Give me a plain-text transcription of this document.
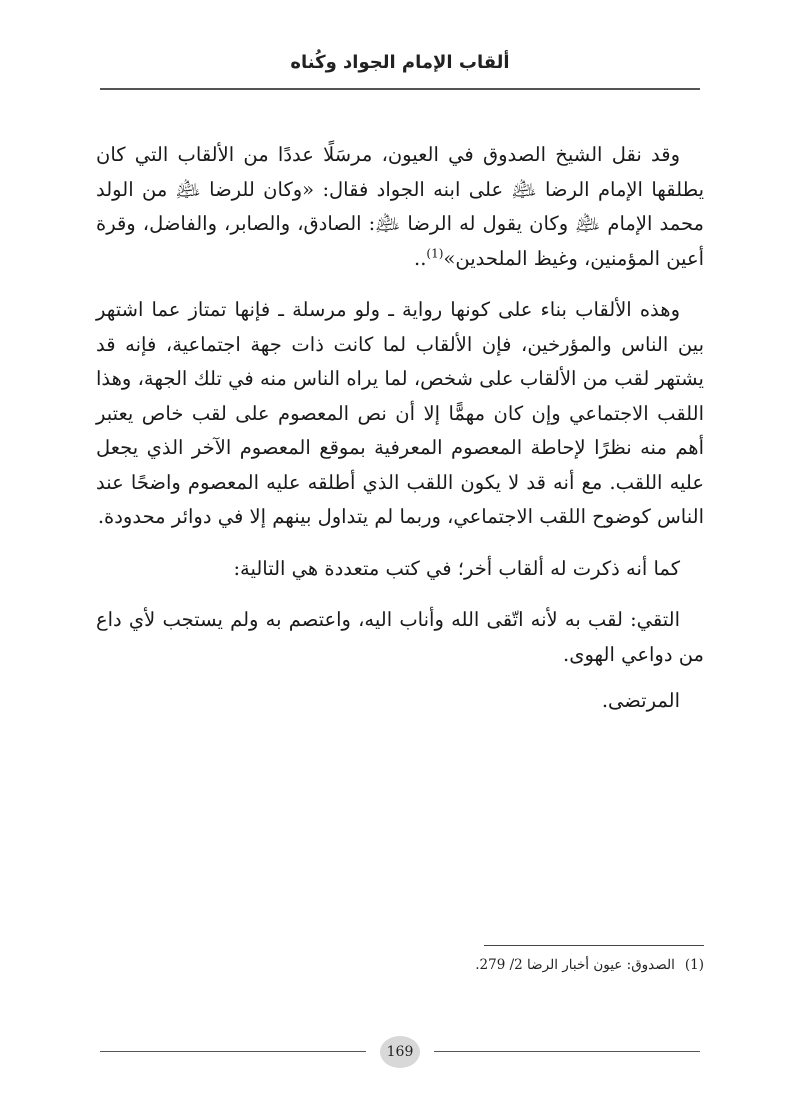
ألقاب الإمام الجواد وكُناه

وقد نقل الشيخ الصدوق في العيون، مرسَلًا عددًا من الألقاب التي كان يطلقها الإمام الرضا ﵇ على ابنه الجواد فقال: «وكان للرضا ﵇ من الولد محمد الإمام ﵇ وكان يقول له الرضا ﵇: الصادق، والصابر، والفاضل، وقرة أعين المؤمنين، وغيظ الملحدين»$^{(1)}$..

وهذه الألقاب بناء على كونها رواية ـ ولو مرسلة ـ فإنها تمتاز عما اشتهر بين الناس والمؤرخين، فإن الألقاب لما كانت ذات جهة اجتماعية، فإنه قد يشتهر لقب من الألقاب على شخص، لما يراه الناس منه في تلك الجهة، وهذا اللقب الاجتماعي وإن كان مهمًّا إلا أن نص المعصوم على لقب خاص يعتبر أهم منه نظرًا لإحاطة المعصوم المعرفية بموقع المعصوم الآخر الذي يجعل عليه اللقب. مع أنه قد لا يكون اللقب الذي أطلقه عليه المعصوم واضحًا عند الناس كوضوح اللقب الاجتماعي، وربما لم يتداول بينهم إلا في دوائر محدودة.

كما أنه ذكرت له ألقاب أخر؛ في كتب متعددة هي التالية:

التقي: لقب به لأنه اتّقى الله وأناب اليه، واعتصم به ولم يستجب لأي داع من دواعي الهوى.

المرتضى.

(1)الصدوق: عيون أخبار الرضا 2/ 279.
169
